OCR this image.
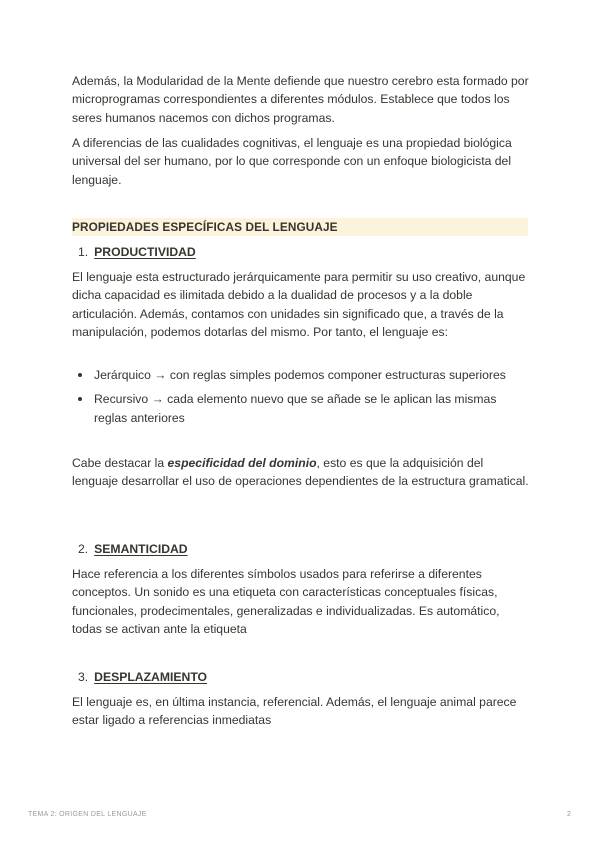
Además, la Modularidad de la Mente defiende que nuestro cerebro esta formado por microprogramas correspondientes a diferentes módulos. Establece que todos los seres humanos nacemos con dichos programas.

A diferencias de las cualidades cognitivas, el lenguaje es una propiedad biológica universal del ser humano, por lo que corresponde con un enfoque biologicista del lenguaje.

PROPIEDADES ESPECÍFICAS DEL LENGUAJE
1. PRODUCTIVIDAD

El lenguaje esta estructurado jerárquicamente para permitir su uso creativo, aunque dicha capacidad es ilimitada debido a la dualidad de procesos y a la doble articulación. Además, contamos con unidades sin significado que, a través de la manipulación, podemos dotarlas del mismo. Por tanto, el lenguaje es:

Jerárquico → con reglas simples podemos componer estructuras superiores
Recursivo → cada elemento nuevo que se añade se le aplican las mismas reglas anteriores

Cabe destacar la especificidad del dominio, esto es que la adquisición del lenguaje desarrollar el uso de operaciones dependientes de la estructura gramatical.

2. SEMANTICIDAD

Hace referencia a los diferentes símbolos usados para referirse a diferentes conceptos. Un sonido es una etiqueta con características conceptuales físicas, funcionales, prodecimentales, generalizadas e individualizadas. Es automático, todas se activan ante la etiqueta

3. DESPLAZAMIENTO

El lenguaje es, en última instancia, referencial. Además, el lenguaje animal parece estar ligado a referencias inmediatas

TEMA 2: ORIGEN DEL LENGUAJE	2
